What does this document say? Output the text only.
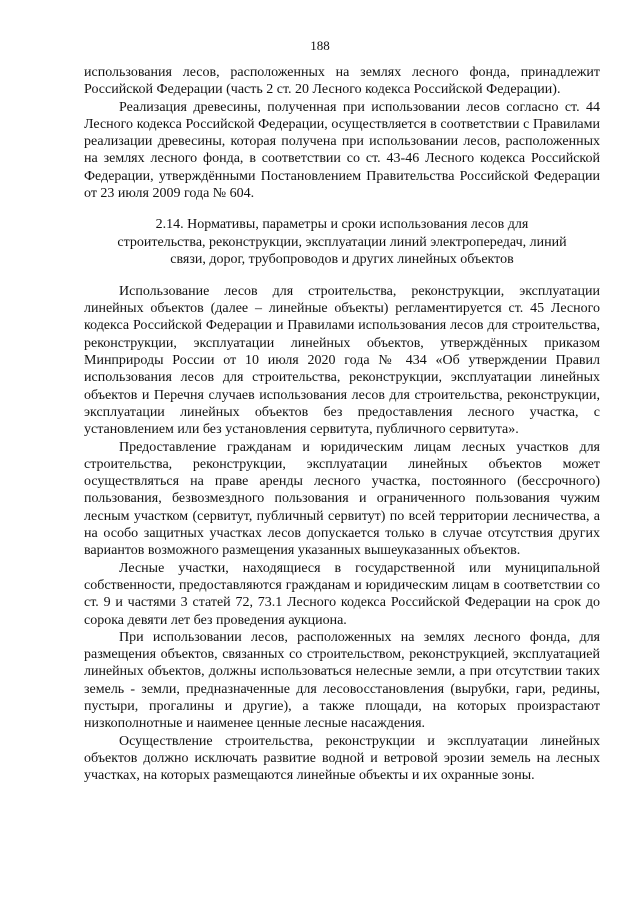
188

использования лесов, расположенных на землях лесного фонда, принадлежит Российской Федерации (часть 2 ст. 20 Лесного кодекса Российской Федерации).

Реализация древесины, полученная при использовании лесов согласно ст. 44 Лесного кодекса Российской Федерации, осуществляется в соответствии с Правилами реализации древесины, которая получена при использовании лесов, расположенных на землях лесного фонда, в соответствии со ст. 43-46 Лесного кодекса Российской Федерации, утверждёнными Постановлением Правительства Российской Федерации от 23 июля 2009 года № 604.

2.14. Нормативы, параметры и сроки использования лесов для
строительства, реконструкции, эксплуатации линий электропередач, линий
связи, дорог, трубопроводов и других линейных объектов

Использование лесов для строительства, реконструкции, эксплуатации линейных объектов (далее – линейные объекты) регламентируется ст. 45 Лесного кодекса Российской Федерации и Правилами использования лесов для строительства, реконструкции, эксплуатации линейных объектов, утверждённых приказом Минприроды России от 10 июля 2020 года № 434 «Об утверждении Правил использования лесов для строительства, реконструкции, эксплуатации линейных объектов и Перечня случаев использования лесов для строительства, реконструкции, эксплуатации линейных объектов без предоставления лесного участка, с установлением или без установления сервитута, публичного сервитута».

Предоставление гражданам и юридическим лицам лесных участков для строительства, реконструкции, эксплуатации линейных объектов может осуществляться на праве аренды лесного участка, постоянного (бессрочного) пользования, безвозмездного пользования и ограниченного пользования чужим лесным участком (сервитут, публичный сервитут) по всей территории лесничества, а на особо защитных участках лесов допускается только в случае отсутствия других вариантов возможного размещения указанных вышеуказанных объектов.

Лесные участки, находящиеся в государственной или муниципальной собственности, предоставляются гражданам и юридическим лицам в соответствии со ст. 9 и частями 3 статей 72, 73.1 Лесного кодекса Российской Федерации на срок до сорока девяти лет без проведения аукциона.

При использовании лесов, расположенных на землях лесного фонда, для размещения объектов, связанных со строительством, реконструкцией, эксплуатацией линейных объектов, должны использоваться нелесные земли, а при отсутствии таких земель - земли, предназначенные для лесовосстановления (вырубки, гари, редины, пустыри, прогалины и другие), а также площади, на которых произрастают низкополнотные и наименее ценные лесные насаждения.

Осуществление строительства, реконструкции и эксплуатации линейных объектов должно исключать развитие водной и ветровой эрозии земель на лесных участках, на которых размещаются линейные объекты и их охранные зоны.
